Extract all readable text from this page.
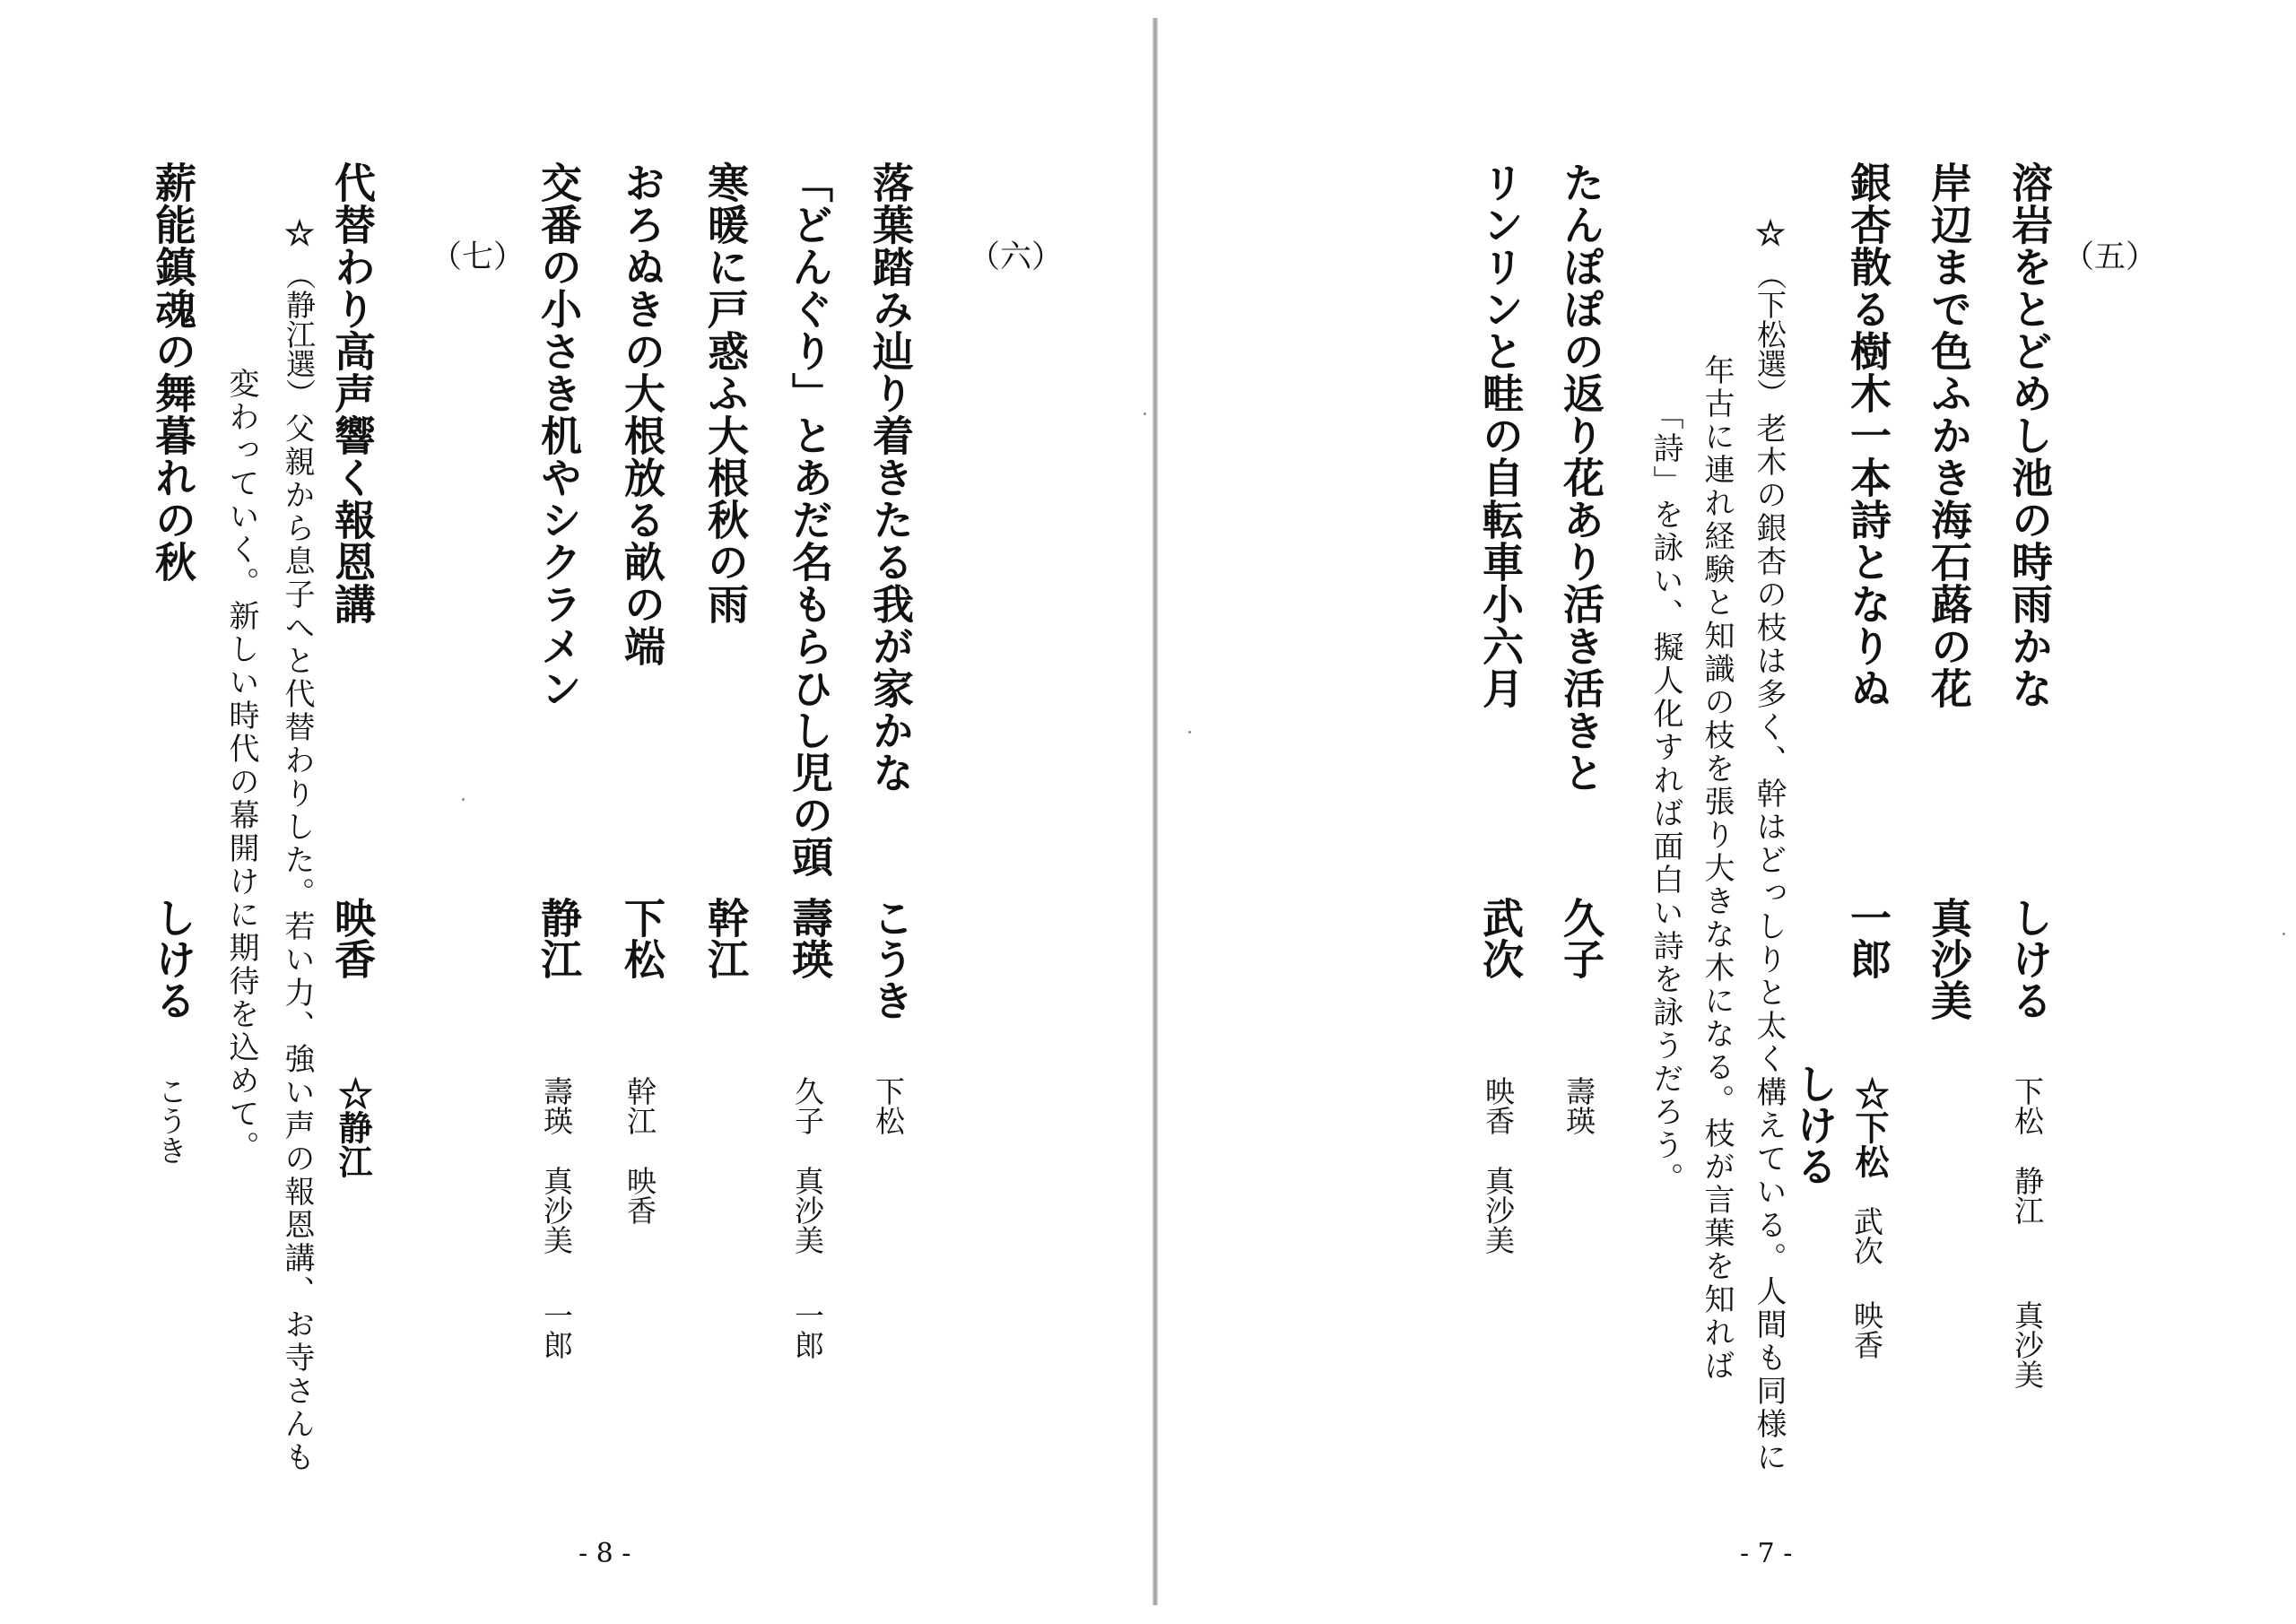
（六）
落葉踏み辿り着きたる我が家かな
こうき
下松
「どんぐり」とあだ名もらひし児の頭
壽瑛
久子
真沙美
一郎
寒暖に戸惑ふ大根秋の雨
幹江
おろぬきの大根放る畝の端
下松
幹江
映香
交番の小さき机やシクラメン
静江
壽瑛
真沙美
一郎
（七）
代替わり高声響く報恩講
映香
☆静江
☆
（静江選）
父親から息子へと代替わりした。若い力、強い声の報恩講、お寺さんも
変わっていく。新しい時代の幕開けに期待を込めて。
薪能鎮魂の舞暮れの秋
しける
こうき
- 8 -
（五）
溶岩をとどめし池の時雨かな
しける
下松
静江
真沙美
岸辺まで色ふかき海石蕗の花
真沙美
銀杏散る樹木一本詩となりぬ
一郎
☆下松
武次
映香
しける
☆
（下松選）
老木の銀杏の枝は多く、幹はどっしりと太く構えている。人間も同様に
年古に連れ経験と知識の枝を張り大きな木になる。枝が言葉を知れば
「詩」を詠い、擬人化すれば面白い詩を詠うだろう。
たんぽぽの返り花あり活き活きと
久子
壽瑛
リンリンと畦の自転車小六月
武次
映香
真沙美
- 7 -
